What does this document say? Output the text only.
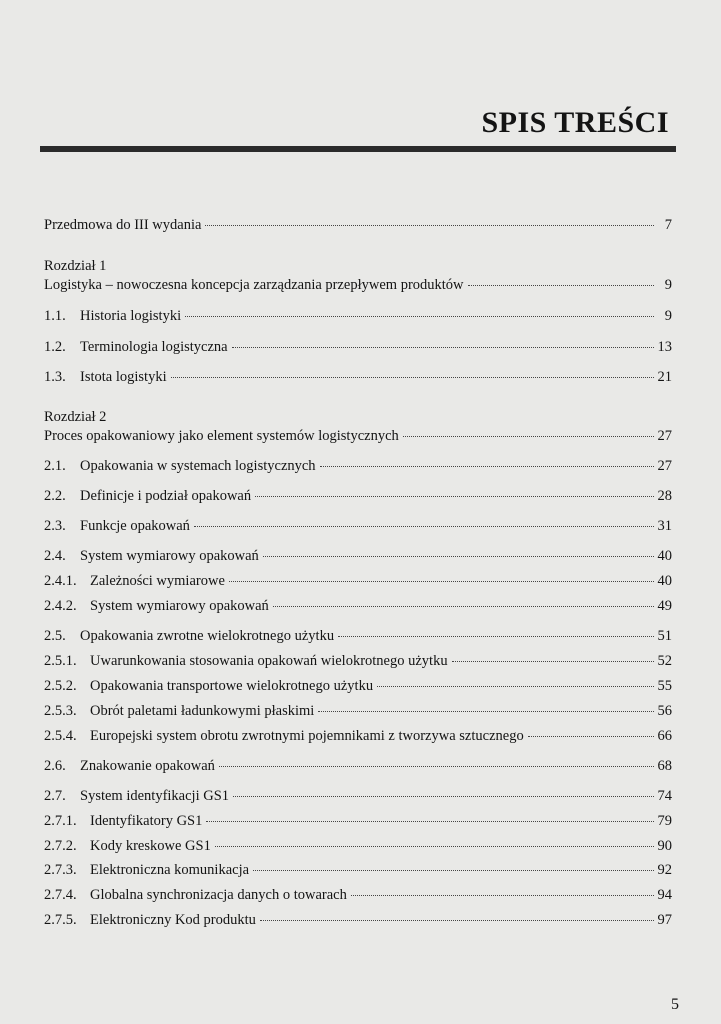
SPIS TREŚCI
Przedmowa do III wydania	7
Rozdział 1
Logistyka – nowoczesna koncepcja zarządzania przepływem produktów	9
1.1. Historia logistyki	9
1.2. Terminologia logistyczna	13
1.3. Istota logistyki	21
Rozdział 2
Proces opakowaniowy jako element systemów logistycznych	27
2.1. Opakowania w systemach logistycznych	27
2.2. Definicje i podział opakowań	28
2.3. Funkcje opakowań	31
2.4. System wymiarowy opakowań	40
2.4.1. Zależności wymiarowe	40
2.4.2. System wymiarowy opakowań	49
2.5. Opakowania zwrotne wielokrotnego użytku	51
2.5.1. Uwarunkowania stosowania opakowań wielokrotnego użytku	52
2.5.2. Opakowania transportowe wielokrotnego użytku	55
2.5.3. Obrót paletami ładunkowymi płaskimi	56
2.5.4. Europejski system obrotu zwrotnymi pojemnikami z tworzywa sztucznego	66
2.6. Znakowanie opakowań	68
2.7. System identyfikacji GS1	74
2.7.1. Identyfikatory GS1	79
2.7.2. Kody kreskowe GS1	90
2.7.3. Elektroniczna komunikacja	92
2.7.4. Globalna synchronizacja danych o towarach	94
2.7.5. Elektroniczny Kod produktu	97
5
